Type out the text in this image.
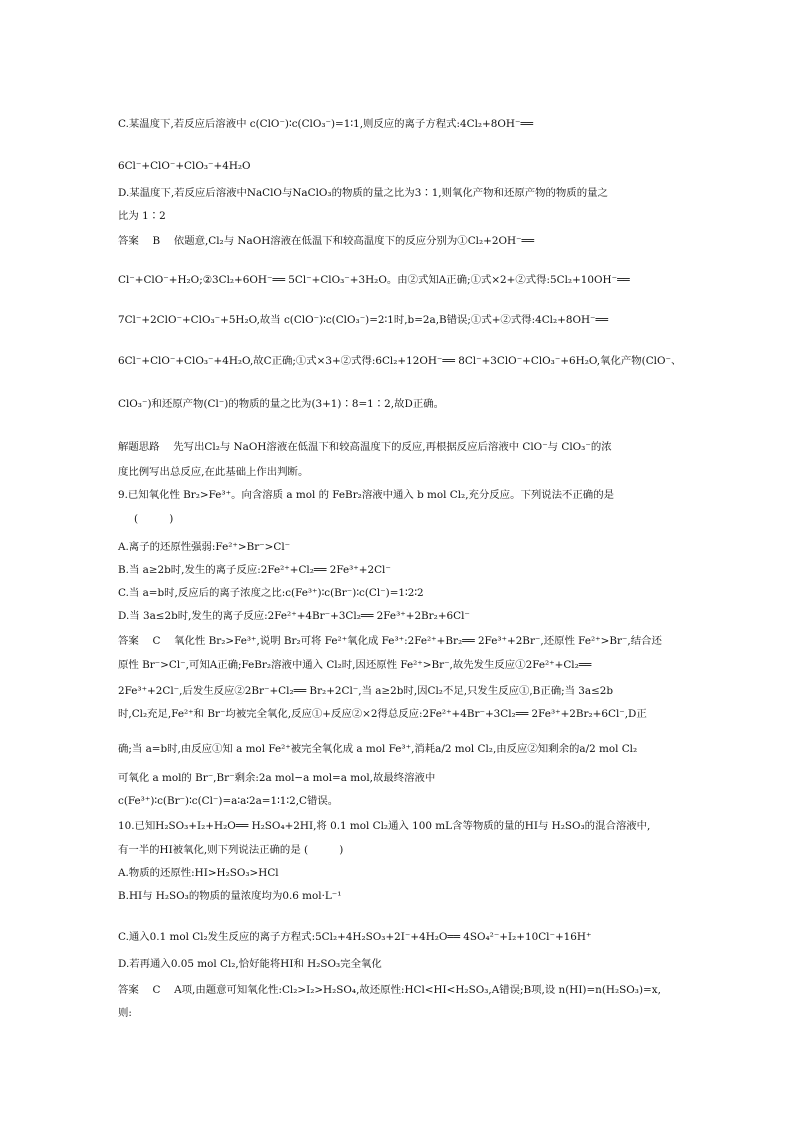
C.某温度下,若反应后溶液中 c(ClO⁻)∶c(ClO₃⁻)=1∶1,则反应的离子方程式:4Cl₂+8OH⁻══
6Cl⁻+ClO⁻+ClO₃⁻+4H₂O
D.某温度下,若反应后溶液中NaClO与NaClO₃的物质的量之比为3∶1,则氧化产物和还原产物的物质的量之
比为 1∶2
答案　 B　 依题意,Cl₂与 NaOH溶液在低温下和较高温度下的反应分别为①Cl₂+2OH⁻══
Cl⁻+ClO⁻+H₂O;②3Cl₂+6OH⁻══ 5Cl⁻+ClO₃⁻+3H₂O。由②式知A正确;①式×2+②式得:5Cl₂+10OH⁻══
7Cl⁻+2ClO⁻+ClO₃⁻+5H₂O,故当 c(ClO⁻)∶c(ClO₃⁻)=2∶1时,b=2a,B错误;①式+②式得:4Cl₂+8OH⁻══
6Cl⁻+ClO⁻+ClO₃⁻+4H₂O,故C正确;①式×3+②式得:6Cl₂+12OH⁻══ 8Cl⁻+3ClO⁻+ClO₃⁻+6H₂O,氧化产物(ClO⁻、
ClO₃⁻)和还原产物(Cl⁻)的物质的量之比为(3+1)∶8=1∶2,故D正确。
解题思路　 先写出Cl₂与 NaOH溶液在低温下和较高温度下的反应,再根据反应后溶液中 ClO⁻与 ClO₃⁻的浓
度比例写出总反应,在此基础上作出判断。
9.已知氧化性 Br₂>Fe³⁺。向含溶质 a mol 的 FeBr₂溶液中通入 b mol Cl₂,充分反应。下列说法不正确的是
(　　　)
A.离子的还原性强弱:Fe²⁺>Br⁻>Cl⁻
B.当 a≥2b时,发生的离子反应:2Fe²⁺+Cl₂══ 2Fe³⁺+2Cl⁻
C.当 a=b时,反应后的离子浓度之比:c(Fe³⁺)∶c(Br⁻)∶c(Cl⁻)=1∶2∶2
D.当 3a≤2b时,发生的离子反应:2Fe²⁺+4Br⁻+3Cl₂══ 2Fe³⁺+2Br₂+6Cl⁻
答案　 C　 氧化性 Br₂>Fe³⁺,说明 Br₂可将 Fe²⁺氧化成 Fe³⁺:2Fe²⁺+Br₂══ 2Fe³⁺+2Br⁻,还原性 Fe²⁺>Br⁻,结合还
原性 Br⁻>Cl⁻,可知A正确;FeBr₂溶液中通入 Cl₂时,因还原性 Fe²⁺>Br⁻,故先发生反应①2Fe²⁺+Cl₂══
2Fe³⁺+2Cl⁻,后发生反应②2Br⁻+Cl₂══ Br₂+2Cl⁻,当 a≥2b时,因Cl₂不足,只发生反应①,B正确;当 3a≤2b
时,Cl₂充足,Fe²⁺和 Br⁻均被完全氧化,反应①+反应②×2得总反应:2Fe²⁺+4Br⁻+3Cl₂══ 2Fe³⁺+2Br₂+6Cl⁻,D正
确;当 a=b时,由反应①知 a mol Fe²⁺被完全氧化成 a mol Fe³⁺,消耗a/2 mol Cl₂,由反应②知剩余的a/2 mol Cl₂
可氧化 a mol的 Br⁻,Br⁻剩余:2a mol−a mol=a mol,故最终溶液中
c(Fe³⁺)∶c(Br⁻)∶c(Cl⁻)=a∶a∶2a=1∶1∶2,C错误。
10.已知H₂SO₃+I₂+H₂O══ H₂SO₄+2HI,将 0.1 mol Cl₂通入 100 mL含等物质的量的HI与 H₂SO₃的混合溶液中,
有一半的HI被氧化,则下列说法正确的是 (　　　)
A.物质的还原性:HI>H₂SO₃>HCl
B.HI与 H₂SO₃的物质的量浓度均为0.6 mol·L⁻¹
C.通入0.1 mol Cl₂发生反应的离子方程式:5Cl₂+4H₂SO₃+2I⁻+4H₂O══ 4SO₄²⁻+I₂+10Cl⁻+16H⁺
D.若再通入0.05 mol Cl₂,恰好能将HI和 H₂SO₃完全氧化
答案　 C　 A项,由题意可知氧化性:Cl₂>I₂>H₂SO₄,故还原性:HCl<HI<H₂SO₃,A错误;B项,设 n(HI)=n(H₂SO₃)=x,
则:
